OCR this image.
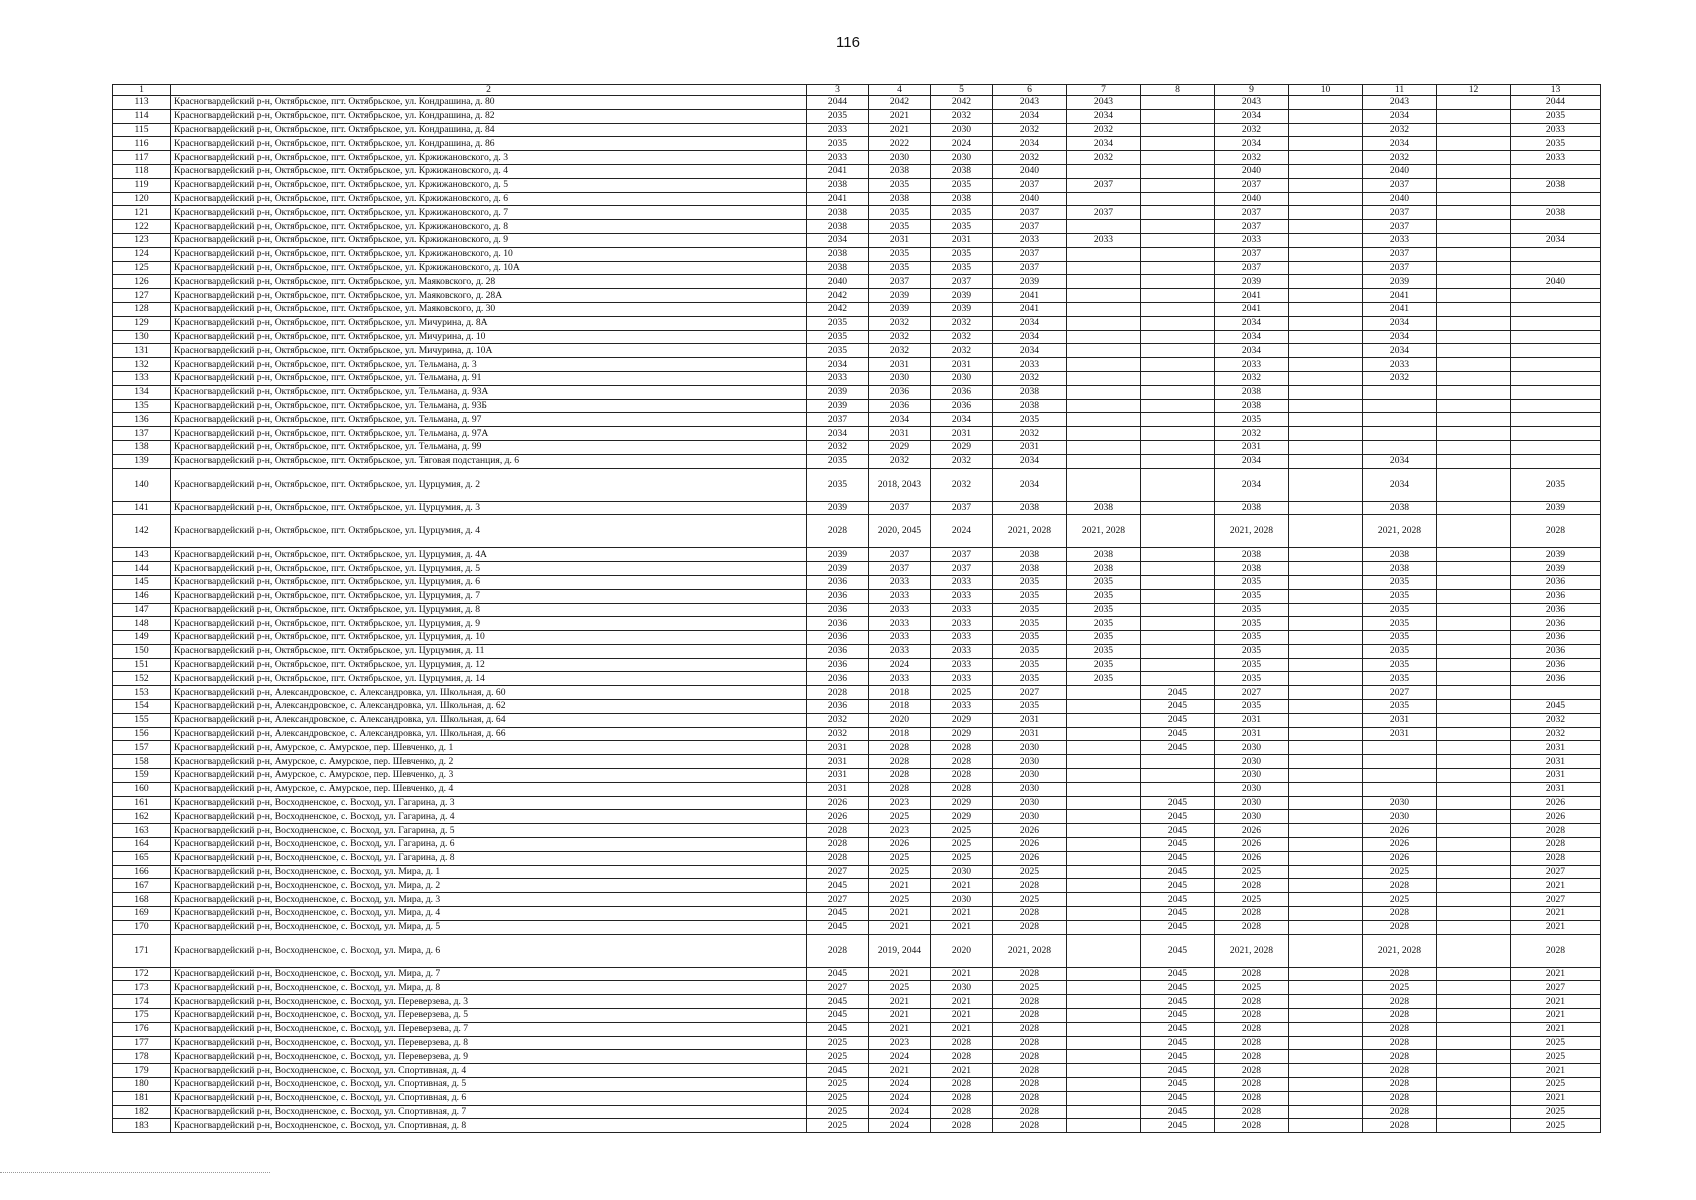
116
1	2	3	4	5	6	7	8	9	10	11	12	13
113	Красногвардейский р-н, Октябрьское, пгт. Октябрьское, ул. Кондрашина, д. 80	2044	2042	2042	2043	2043		2043		2043		2044
114	Красногвардейский р-н, Октябрьское, пгт. Октябрьское, ул. Кондрашина, д. 82	2035	2021	2032	2034	2034		2034		2034		2035
115	Красногвардейский р-н, Октябрьское, пгт. Октябрьское, ул. Кондрашина, д. 84	2033	2021	2030	2032	2032		2032		2032		2033
116	Красногвардейский р-н, Октябрьское, пгт. Октябрьское, ул. Кондрашина, д. 86	2035	2022	2024	2034	2034		2034		2034		2035
117	Красногвардейский р-н, Октябрьское, пгт. Октябрьское, ул. Кржижановского, д. 3	2033	2030	2030	2032	2032		2032		2032		2033
118	Красногвардейский р-н, Октябрьское, пгт. Октябрьское, ул. Кржижановского, д. 4	2041	2038	2038	2040			2040		2040		
119	Красногвардейский р-н, Октябрьское, пгт. Октябрьское, ул. Кржижановского, д. 5	2038	2035	2035	2037	2037		2037		2037		2038
120	Красногвардейский р-н, Октябрьское, пгт. Октябрьское, ул. Кржижановского, д. 6	2041	2038	2038	2040			2040		2040		
121	Красногвардейский р-н, Октябрьское, пгт. Октябрьское, ул. Кржижановского, д. 7	2038	2035	2035	2037	2037		2037		2037		2038
122	Красногвардейский р-н, Октябрьское, пгт. Октябрьское, ул. Кржижановского, д. 8	2038	2035	2035	2037			2037		2037		
123	Красногвардейский р-н, Октябрьское, пгт. Октябрьское, ул. Кржижановского, д. 9	2034	2031	2031	2033	2033		2033		2033		2034
124	Красногвардейский р-н, Октябрьское, пгт. Октябрьское, ул. Кржижановского, д. 10	2038	2035	2035	2037			2037		2037		
125	Красногвардейский р-н, Октябрьское, пгт. Октябрьское, ул. Кржижановского, д. 10А	2038	2035	2035	2037			2037		2037		
126	Красногвардейский р-н, Октябрьское, пгт. Октябрьское, ул. Маяковского, д. 28	2040	2037	2037	2039			2039		2039		2040
127	Красногвардейский р-н, Октябрьское, пгт. Октябрьское, ул. Маяковского, д. 28А	2042	2039	2039	2041			2041		2041		
128	Красногвардейский р-н, Октябрьское, пгт. Октябрьское, ул. Маяковского, д. 30	2042	2039	2039	2041			2041		2041		
129	Красногвардейский р-н, Октябрьское, пгт. Октябрьское, ул. Мичурина, д. 8А	2035	2032	2032	2034			2034		2034		
130	Красногвардейский р-н, Октябрьское, пгт. Октябрьское, ул. Мичурина, д. 10	2035	2032	2032	2034			2034		2034		
131	Красногвардейский р-н, Октябрьское, пгт. Октябрьское, ул. Мичурина, д. 10А	2035	2032	2032	2034			2034		2034		
132	Красногвардейский р-н, Октябрьское, пгт. Октябрьское, ул. Тельмана, д. 3	2034	2031	2031	2033			2033		2033		
133	Красногвардейский р-н, Октябрьское, пгт. Октябрьское, ул. Тельмана, д. 91	2033	2030	2030	2032			2032		2032		
134	Красногвардейский р-н, Октябрьское, пгт. Октябрьское, ул. Тельмана, д. 93А	2039	2036	2036	2038			2038				
135	Красногвардейский р-н, Октябрьское, пгт. Октябрьское, ул. Тельмана, д. 93Б	2039	2036	2036	2038			2038				
136	Красногвардейский р-н, Октябрьское, пгт. Октябрьское, ул. Тельмана, д. 97	2037	2034	2034	2035			2035				
137	Красногвардейский р-н, Октябрьское, пгт. Октябрьское, ул. Тельмана, д. 97А	2034	2031	2031	2032			2032				
138	Красногвардейский р-н, Октябрьское, пгт. Октябрьское, ул. Тельмана, д. 99	2032	2029	2029	2031			2031				
139	Красногвардейский р-н, Октябрьское, пгт. Октябрьское, ул. Тяговая подстанция, д. 6	2035	2032	2032	2034			2034		2034		
140	Красногвардейский р-н, Октябрьское, пгт. Октябрьское, ул. Цурцумия, д. 2	2035	2018, 2043	2032	2034			2034		2034		2035
141	Красногвардейский р-н, Октябрьское, пгт. Октябрьское, ул. Цурцумия, д. 3	2039	2037	2037	2038	2038		2038		2038		2039
142	Красногвардейский р-н, Октябрьское, пгт. Октябрьское, ул. Цурцумия, д. 4	2028	2020, 2045	2024	2021, 2028	2021, 2028		2021, 2028		2021, 2028		2028
143	Красногвардейский р-н, Октябрьское, пгт. Октябрьское, ул. Цурцумия, д. 4А	2039	2037	2037	2038	2038		2038		2038		2039
144	Красногвардейский р-н, Октябрьское, пгт. Октябрьское, ул. Цурцумия, д. 5	2039	2037	2037	2038	2038		2038		2038		2039
145	Красногвардейский р-н, Октябрьское, пгт. Октябрьское, ул. Цурцумия, д. 6	2036	2033	2033	2035	2035		2035		2035		2036
146	Красногвардейский р-н, Октябрьское, пгт. Октябрьское, ул. Цурцумия, д. 7	2036	2033	2033	2035	2035		2035		2035		2036
147	Красногвардейский р-н, Октябрьское, пгт. Октябрьское, ул. Цурцумия, д. 8	2036	2033	2033	2035	2035		2035		2035		2036
148	Красногвардейский р-н, Октябрьское, пгт. Октябрьское, ул. Цурцумия, д. 9	2036	2033	2033	2035	2035		2035		2035		2036
149	Красногвардейский р-н, Октябрьское, пгт. Октябрьское, ул. Цурцумия, д. 10	2036	2033	2033	2035	2035		2035		2035		2036
150	Красногвардейский р-н, Октябрьское, пгт. Октябрьское, ул. Цурцумия, д. 11	2036	2033	2033	2035	2035		2035		2035		2036
151	Красногвардейский р-н, Октябрьское, пгт. Октябрьское, ул. Цурцумия, д. 12	2036	2024	2033	2035	2035		2035		2035		2036
152	Красногвардейский р-н, Октябрьское, пгт. Октябрьское, ул. Цурцумия, д. 14	2036	2033	2033	2035	2035		2035		2035		2036
153	Красногвардейский р-н, Александровское, с. Александровка, ул. Школьная, д. 60	2028	2018	2025	2027		2045	2027		2027		
154	Красногвардейский р-н, Александровское, с. Александровка, ул. Школьная, д. 62	2036	2018	2033	2035		2045	2035		2035		2045
155	Красногвардейский р-н, Александровское, с. Александровка, ул. Школьная, д. 64	2032	2020	2029	2031		2045	2031		2031		2032
156	Красногвардейский р-н, Александровское, с. Александровка, ул. Школьная, д. 66	2032	2018	2029	2031		2045	2031		2031		2032
157	Красногвардейский р-н, Амурское, с. Амурское, пер. Шевченко, д. 1	2031	2028	2028	2030		2045	2030				2031
158	Красногвардейский р-н, Амурское, с. Амурское, пер. Шевченко, д. 2	2031	2028	2028	2030			2030				2031
159	Красногвардейский р-н, Амурское, с. Амурское, пер. Шевченко, д. 3	2031	2028	2028	2030			2030				2031
160	Красногвардейский р-н, Амурское, с. Амурское, пер. Шевченко, д. 4	2031	2028	2028	2030			2030				2031
161	Красногвардейский р-н, Восходненское, с. Восход, ул. Гагарина, д. 3	2026	2023	2029	2030		2045	2030		2030		2026
162	Красногвардейский р-н, Восходненское, с. Восход, ул. Гагарина, д. 4	2026	2025	2029	2030		2045	2030		2030		2026
163	Красногвардейский р-н, Восходненское, с. Восход, ул. Гагарина, д. 5	2028	2023	2025	2026		2045	2026		2026		2028
164	Красногвардейский р-н, Восходненское, с. Восход, ул. Гагарина, д. 6	2028	2026	2025	2026		2045	2026		2026		2028
165	Красногвардейский р-н, Восходненское, с. Восход, ул. Гагарина, д. 8	2028	2025	2025	2026		2045	2026		2026		2028
166	Красногвардейский р-н, Восходненское, с. Восход, ул. Мира, д. 1	2027	2025	2030	2025		2045	2025		2025		2027
167	Красногвардейский р-н, Восходненское, с. Восход, ул. Мира, д. 2	2045	2021	2021	2028		2045	2028		2028		2021
168	Красногвардейский р-н, Восходненское, с. Восход, ул. Мира, д. 3	2027	2025	2030	2025		2045	2025		2025		2027
169	Красногвардейский р-н, Восходненское, с. Восход, ул. Мира, д. 4	2045	2021	2021	2028		2045	2028		2028		2021
170	Красногвардейский р-н, Восходненское, с. Восход, ул. Мира, д. 5	2045	2021	2021	2028		2045	2028		2028		2021
171	Красногвардейский р-н, Восходненское, с. Восход, ул. Мира, д. 6	2028	2019, 2044	2020	2021, 2028		2045	2021, 2028		2021, 2028		2028
172	Красногвардейский р-н, Восходненское, с. Восход, ул. Мира, д. 7	2045	2021	2021	2028		2045	2028		2028		2021
173	Красногвардейский р-н, Восходненское, с. Восход, ул. Мира, д. 8	2027	2025	2030	2025		2045	2025		2025		2027
174	Красногвардейский р-н, Восходненское, с. Восход, ул. Переверзева, д. 3	2045	2021	2021	2028		2045	2028		2028		2021
175	Красногвардейский р-н, Восходненское, с. Восход, ул. Переверзева, д. 5	2045	2021	2021	2028		2045	2028		2028		2021
176	Красногвардейский р-н, Восходненское, с. Восход, ул. Переверзева, д. 7	2045	2021	2021	2028		2045	2028		2028		2021
177	Красногвардейский р-н, Восходненское, с. Восход, ул. Переверзева, д. 8	2025	2023	2028	2028		2045	2028		2028		2025
178	Красногвардейский р-н, Восходненское, с. Восход, ул. Переверзева, д. 9	2025	2024	2028	2028		2045	2028		2028		2025
179	Красногвардейский р-н, Восходненское, с. Восход, ул. Спортивная, д. 4	2045	2021	2021	2028		2045	2028		2028		2021
180	Красногвардейский р-н, Восходненское, с. Восход, ул. Спортивная, д. 5	2025	2024	2028	2028		2045	2028		2028		2025
181	Красногвардейский р-н, Восходненское, с. Восход, ул. Спортивная, д. 6	2025	2024	2028	2028		2045	2028		2028		2021
182	Красногвардейский р-н, Восходненское, с. Восход, ул. Спортивная, д. 7	2025	2024	2028	2028		2045	2028		2028		2025
183	Красногвардейский р-н, Восходненское, с. Восход, ул. Спортивная, д. 8	2025	2024	2028	2028		2045	2028		2028		2025
